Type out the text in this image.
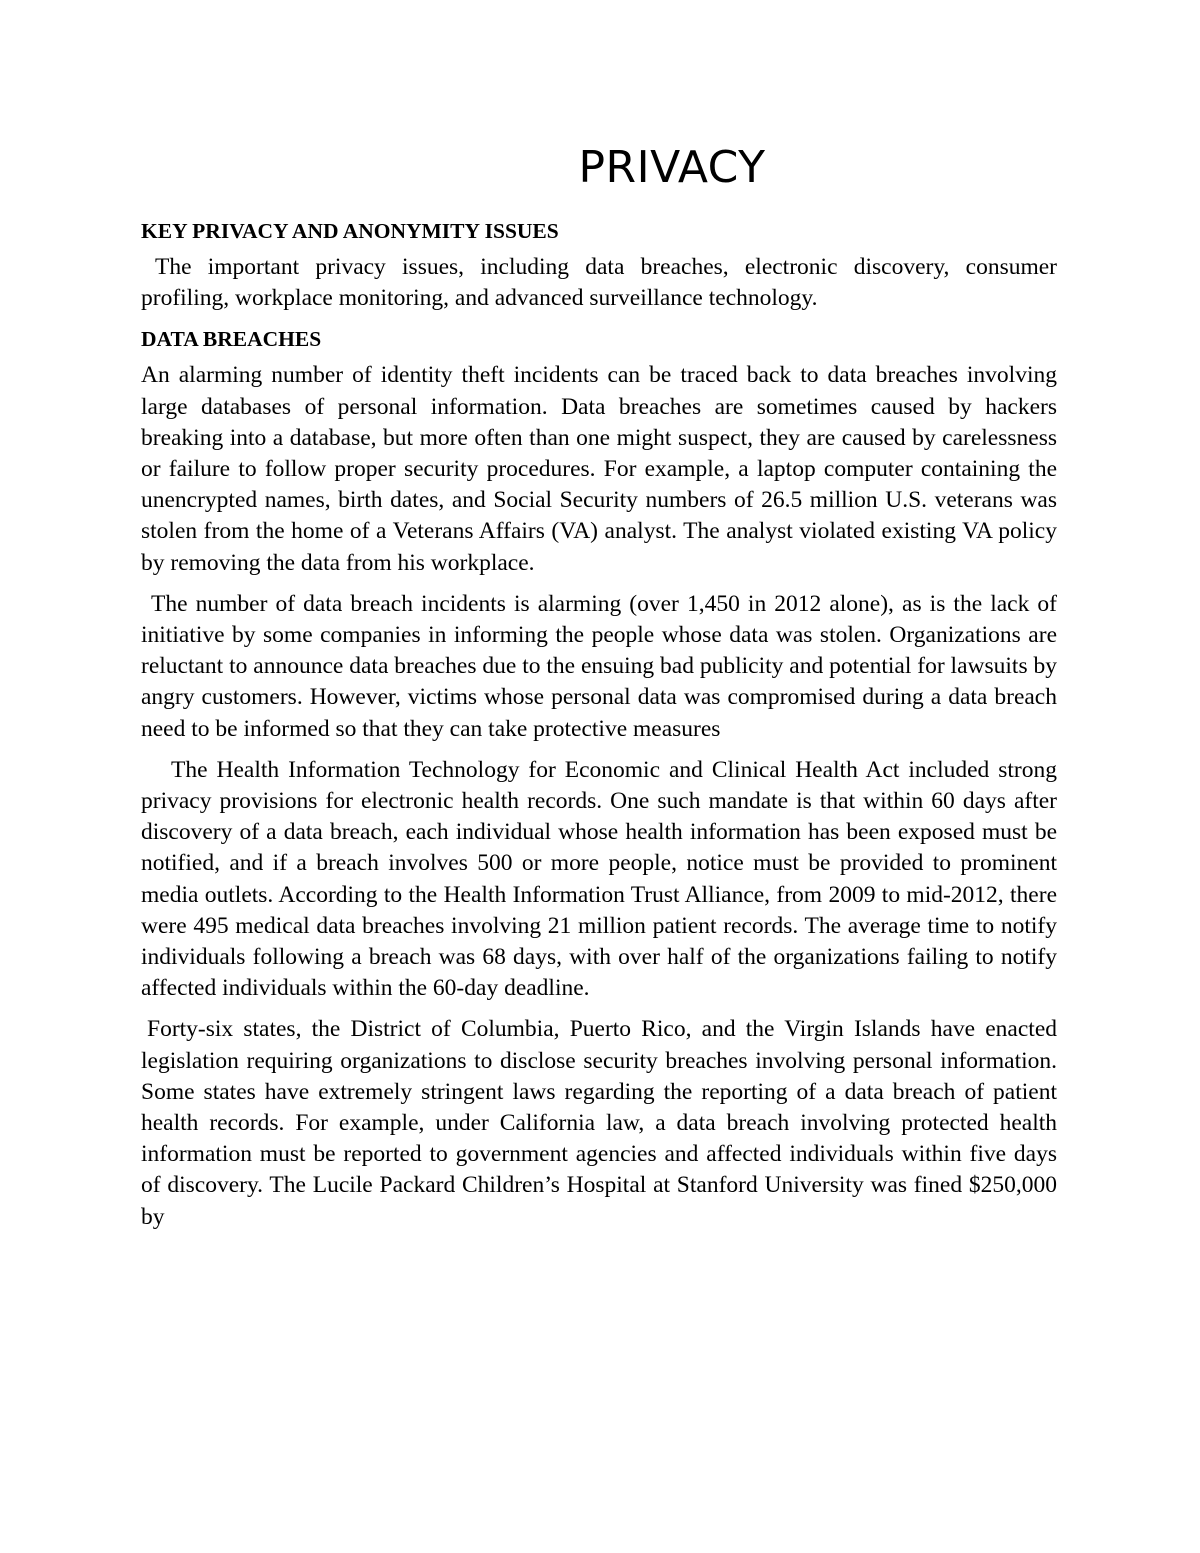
PRIVACY
KEY PRIVACY AND ANONYMITY ISSUES

The important privacy issues, including data breaches, electronic discovery, consumer profiling, workplace monitoring, and advanced surveillance technology.

DATA BREACHES

An alarming number of identity theft incidents can be traced back to data breaches involving large databases of personal information. Data breaches are sometimes caused by hackers breaking into a database, but more often than one might suspect, they are caused by carelessness or failure to follow proper security procedures. For example, a laptop computer containing the unencrypted names, birth dates, and Social Security numbers of 26.5 million U.S. veterans was stolen from the home of a Veterans Affairs (VA) analyst. The analyst violated existing VA policy by removing the data from his workplace.

The number of data breach incidents is alarming (over 1,450 in 2012 alone), as is the lack of initiative by some companies in informing the people whose data was stolen. Organizations are reluctant to announce data breaches due to the ensuing bad publicity and potential for lawsuits by angry customers. However, victims whose personal data was compromised during a data breach need to be informed so that they can take protective measures

The Health Information Technology for Economic and Clinical Health Act included strong privacy provisions for electronic health records. One such mandate is that within 60 days after discovery of a data breach, each individual whose health information has been exposed must be notified, and if a breach involves 500 or more people, notice must be provided to prominent media outlets. According to the Health Information Trust Alliance, from 2009 to mid-2012, there were 495 medical data breaches involving 21 million patient records. The average time to notify individuals following a breach was 68 days, with over half of the organizations failing to notify affected individuals within the 60-day deadline.

Forty-six states, the District of Columbia, Puerto Rico, and the Virgin Islands have enacted legislation requiring organizations to disclose security breaches involving personal information. Some states have extremely stringent laws regarding the reporting of a data breach of patient health records. For example, under California law, a data breach involving protected health information must be reported to government agencies and affected individuals within five days of discovery. The Lucile Packard Children’s Hospital at Stanford University was fined $250,000 by
